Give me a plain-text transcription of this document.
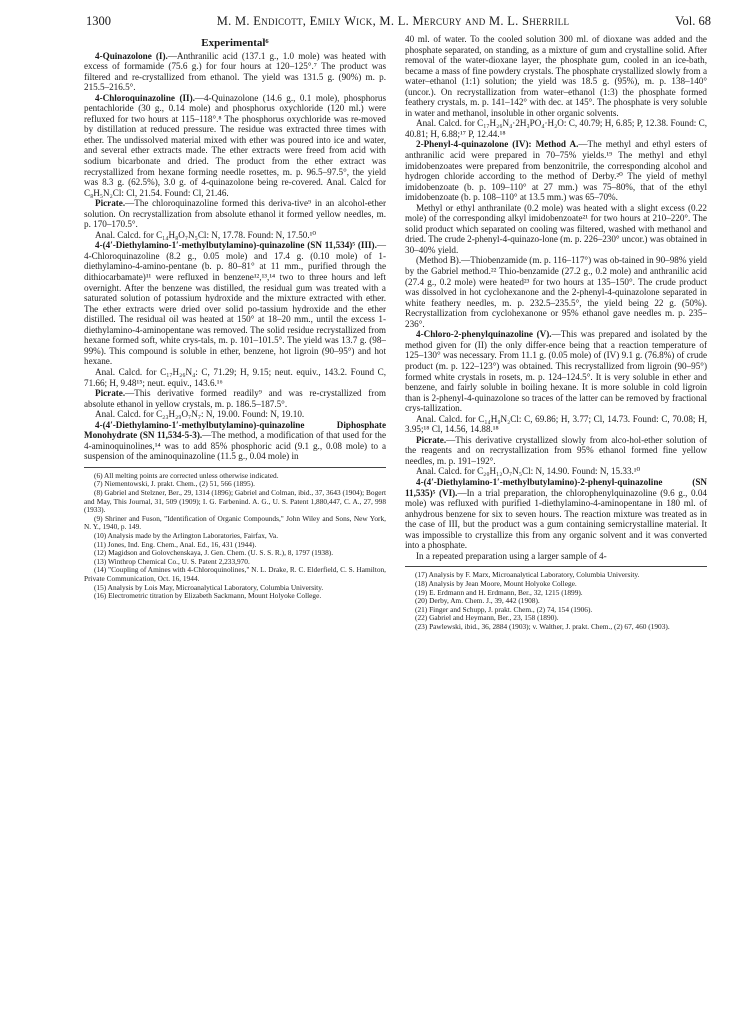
1300	M. M. Endicott, Emily Wick, M. L. Mercury and M. L. Sherrill	Vol. 68
Experimental⁶

4-Quinazolone (I).—Anthranilic acid (137.1 g., 1.0 mole) was heated with excess of formamide (75.6 g.) for four hours at 120–125°.⁷ The product was filtered and re-crystallized from ethanol. The yield was 131.5 g. (90%) m. p. 215.5–216.5°.

4-Chloroquinazoline (II).—4-Quinazolone (14.6 g., 0.1 mole), phosphorus pentachloride (30 g., 0.14 mole) and phosphorus oxychloride (120 ml.) were refluxed for two hours at 115–118°.⁸ The phosphorus oxychloride was re-moved by distillation at reduced pressure. The residue was extracted three times with ether. The undissolved material mixed with ether was poured into ice and water, and several ether extracts made. The ether extracts were freed from acid with sodium bicarbonate and dried. The product from the ether extract was recrystallized from hexane forming needle rosettes, m. p. 96.5–97.5°, the yield was 8.3 g. (62.5%), 3.0 g. of 4-quinazolone being re-covered. Anal. Calcd for C₈H₅N₂Cl: Cl, 21.54. Found: Cl, 21.46.

Picrate.—The chloroquinazoline formed this deriva-tive⁹ in an alcohol-ether solution. On recrystallization from absolute ethanol it formed yellow needles, m. p. 170–170.5°.

Anal. Calcd. for C₁₄H₈O₇N₅Cl: N, 17.78. Found: N, 17.50.¹⁰

4-(4′-Diethylamino-1′-methylbutylamino)-quinazoline (SN 11,534)⁵ (III).—4-Chloroquinazoline (8.2 g., 0.05 mole) and 17.4 g. (0.10 mole) of 1-diethylamino-4-amino-pentane (b. p. 80–81° at 11 mm., purified through the dithiocarbamate)¹¹ were refluxed in benzene¹²,¹³,¹⁴ two to three hours and left overnight. After the benzene was distilled, the residual gum was treated with a saturated solution of potassium hydroxide and the mixture extracted with ether. The ether extracts were dried over solid po-tassium hydroxide and the ether distilled. The residual oil was heated at 150° at 18–20 mm., until the excess 1-diethylamino-4-aminopentane was removed. The solid residue recrystallized from hexane formed soft, white crys-tals, m. p. 101–101.5°. The yield was 13.7 g. (98–99%). This compound is soluble in ether, benzene, hot ligroin (90–95°) and hot hexane.

Anal. Calcd. for C₁₇H₂₆N₄: C, 71.29; H, 9.15; neut. equiv., 143.2. Found C, 71.66; H, 9.48¹⁵; neut. equiv., 143.6.¹⁶

Picrate.—This derivative formed readily⁹ and was re-crystallized from absolute ethanol in yellow crystals, m. p. 186.5–187.5°.

Anal. Calcd. for C₂₃H₂₉O₇N₇: N, 19.00. Found: N, 19.10.

4-(4′-Diethylamino-1′-methylbutylamino)-quinazoline Diphosphate Monohydrate (SN 11,534-5-3).—The method, a modification of that used for the 4-aminoquinolines,¹⁴ was to add 85% phosphoric acid (9.1 g., 0.08 mole) to a suspension of the aminoquinazoline (11.5 g., 0.04 mole) in

(6) All melting points are corrected unless otherwise indicated.
(7) Niementowski, J. prakt. Chem., (2) 51, 566 (1895).
(8) Gabriel and Stelzner, Ber., 29, 1314 (1896); Gabriel and Colman, ibid., 37, 3643 (1904); Bogert and May, This Journal, 31, 509 (1909); I. G. Farbenind. A. G., U. S. Patent 1,880,447, C. A., 27, 998 (1933).
(9) Shriner and Fuson, "Identification of Organic Compounds," John Wiley and Sons, New York, N. Y., 1940, p. 149.
(10) Analysis made by the Arlington Laboratories, Fairfax, Va.
(11) Jones, Ind. Eng. Chem., Anal. Ed., 16, 431 (1944).
(12) Magidson and Golovchenskaya, J. Gen. Chem. (U. S. S. R.), 8, 1797 (1938).
(13) Winthrop Chemical Co., U. S. Patent 2,233,970.
(14) "Coupling of Amines with 4-Chloroquinolines," N. L. Drake, R. C. Elderfield, C. S. Hamilton, Private Communication, Oct. 16, 1944.
(15) Analysis by Lois May, Microanalytical Laboratory, Columbia University.
(16) Electrometric titration by Elizabeth Sackmann, Mount Holyoke College.

40 ml. of water. To the cooled solution 300 ml. of dioxane was added and the phosphate separated, on standing, as a mixture of gum and crystalline solid. After removal of the water-dioxane layer, the phosphate gum, cooled in an ice-bath, became a mass of fine powdery crystals. The phosphate crystallized slowly from a water–ethanol (1:1) solution; the yield was 18.5 g. (95%), m. p. 138–140° (uncor.). On recrystallization from water–ethanol (1:3) the phosphate formed feathery crystals, m. p. 141–142° with dec. at 145°. The phosphate is very soluble in water and methanol, insoluble in other organic solvents.

Anal. Calcd. for C₁₇H₂₆N₄·2H₃PO₄·H₂O: C, 40.79; H, 6.85; P, 12.38. Found: C, 40.81; H, 6.88;¹⁷ P, 12.44.¹⁸

2-Phenyl-4-quinazolone (IV): Method A.—The methyl and ethyl esters of anthranilic acid were prepared in 70–75% yields.¹⁹ The methyl and ethyl imidobenzoates were prepared from benzonitrile, the corresponding alcohol and hydrogen chloride according to the method of Derby.²⁰ The yield of methyl imidobenzoate (b. p. 109–110° at 27 mm.) was 75–80%, that of the ethyl imidobenzoate (b. p. 108–110° at 13.5 mm.) was 65–70%.

Methyl or ethyl anthranilate (0.2 mole) was heated with a slight excess (0.22 mole) of the corresponding alkyl imidobenzoate²¹ for two hours at 210–220°. The solid product which separated on cooling was filtered, washed with methanol and dried. The crude 2-phenyl-4-quinazo-lone (m. p. 226–230° uncor.) was obtained in 30–40% yield.

(Method B).—Thiobenzamide (m. p. 116–117°) was ob-tained in 90–98% yield by the Gabriel method.²² Thio-benzamide (27.2 g., 0.2 mole) and anthranilic acid (27.4 g., 0.2 mole) were heated²³ for two hours at 135–150°. The crude product was dissolved in hot cyclohexanone and the 2-phenyl-4-quinazolone separated in white feathery needles, m. p. 232.5–235.5°, the yield being 22 g. (50%). Recrystallization from cyclohexanone or 95% ethanol gave needles m. p. 235–236°.

4-Chloro-2-phenylquinazoline (V).—This was prepared and isolated by the method given for (II) the only differ-ence being that a reaction temperature of 125–130° was necessary. From 11.1 g. (0.05 mole) of (IV) 9.1 g. (76.8%) of crude product (m. p. 122–123°) was obtained. This recrystallized from ligroin (90–95°) formed white crystals in rosets, m. p. 124–124.5°. It is very soluble in ether and benzene, and fairly soluble in boiling hexane. It is more soluble in cold ligroin than is 2-phenyl-4-quinazolone so traces of the latter can be removed by fractional crys-tallization.

Anal. Calcd. for C₁₄H₉N₂Cl: C, 69.86; H, 3.77; Cl, 14.73. Found: C, 70.08; H, 3.95;¹⁸ Cl, 14.56, 14.88.¹⁸

Picrate.—This derivative crystallized slowly from alco-hol-ether solution of the reagents and on recrystallization from 95% ethanol formed fine yellow needles, m. p. 191–192°.

Anal. Calcd. for C₂₀H₁₂O₇N₅Cl: N, 14.90. Found: N, 15.33.¹⁰

4-(4′-Diethylamino-1′-methylbutylamino)-2-phenyl-quinazoline (SN 11,535)⁵ (VI).—In a trial preparation, the chlorophenylquinazoline (9.6 g., 0.04 mole) was refluxed with purified 1-diethylamino-4-aminopentane in 180 ml. of anhydrous benzene for six to seven hours. The reaction mixture was treated as in the case of III, but the product was a gum containing semicrystalline material. It was impossible to crystallize this from any organic solvent and it was converted into a phosphate.

In a repeated preparation using a larger sample of 4-

(17) Analysis by F. Marx, Microanalytical Laboratory, Columbia University.
(18) Analysis by Jean Moore, Mount Holyoke College.
(19) E. Erdmann and H. Erdmann, Ber., 32, 1215 (1899).
(20) Derby, Am. Chem. J., 39, 442 (1908).
(21) Finger and Schupp, J. prakt. Chem., (2) 74, 154 (1906).
(22) Gabriel and Heymann, Ber., 23, 158 (1890).
(23) Pawlewski, ibid., 36, 2884 (1903); v. Walther, J. prakt. Chem., (2) 67, 460 (1903).
